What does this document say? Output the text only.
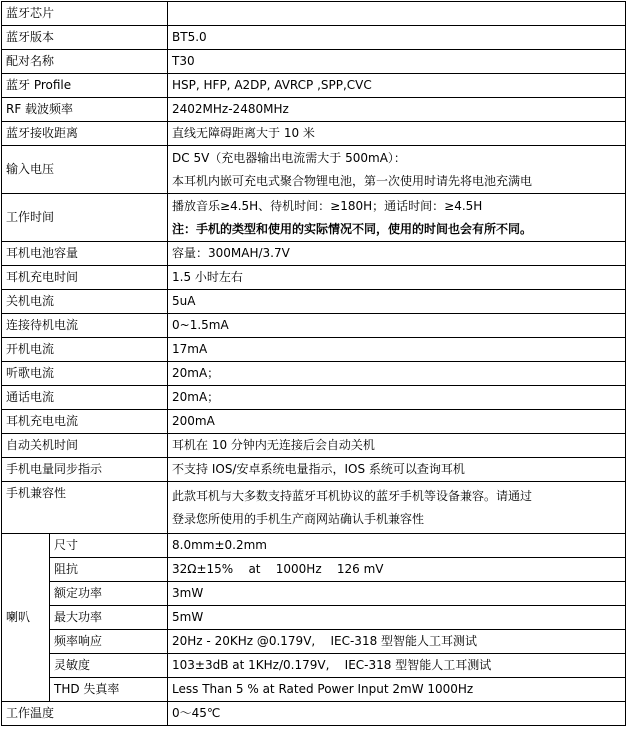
蓝牙芯片		
蓝牙版本		BT5.0
配对名称		T30
蓝牙 Profile		HSP, HFP, A2DP, AVRCP ,SPP,CVC
RF 载波频率		2402MHz-2480MHz
蓝牙接收距离		直线无障碍距离大于 10 米
输入电压		DC 5V（充电器输出电流需大于 500mA）：
本耳机内嵌可充电式聚合物锂电池，第一次使用时请先将电池充满电

工作时间		播放音乐≥4.5H、待机时间：≥180H；通话时间：≥4.5H
注：手机的类型和使用的实际情况不同，使用的时间也会有所不同。

耳机电池容量		容量：300MAH/3.7V
耳机充电时间		1.5 小时左右
关机电流		5uA
连接待机电流		0~1.5mA
开机电流		17mA
听歌电流		20mA；
通话电流		20mA；
耳机充电电流		200mA
自动关机时间		耳机在 10 分钟内无连接后会自动关机
手机电量同步指示		不支持 IOS/安卓系统电量指示，IOS 系统可以查询耳机
手机兼容性		此款耳机与大多数支持蓝牙耳机协议的蓝牙手机等设备兼容。请通过
登录您所使用的手机生产商网站确认手机兼容性

喇叭	尺寸	8.0mm±0.2mm
	阻抗	32Ω±15%    at    1000Hz    126 mV
	额定功率	3mW
	最大功率	5mW
	频率响应	20Hz - 20KHz @0.179V,    IEC-318 型智能人工耳测试
	灵敏度	103±3dB at 1KHz/0.179V,    IEC-318 型智能人工耳测试
	THD 失真率	Less Than 5 % at Rated Power Input 2mW 1000Hz
工作温度		0～45℃
